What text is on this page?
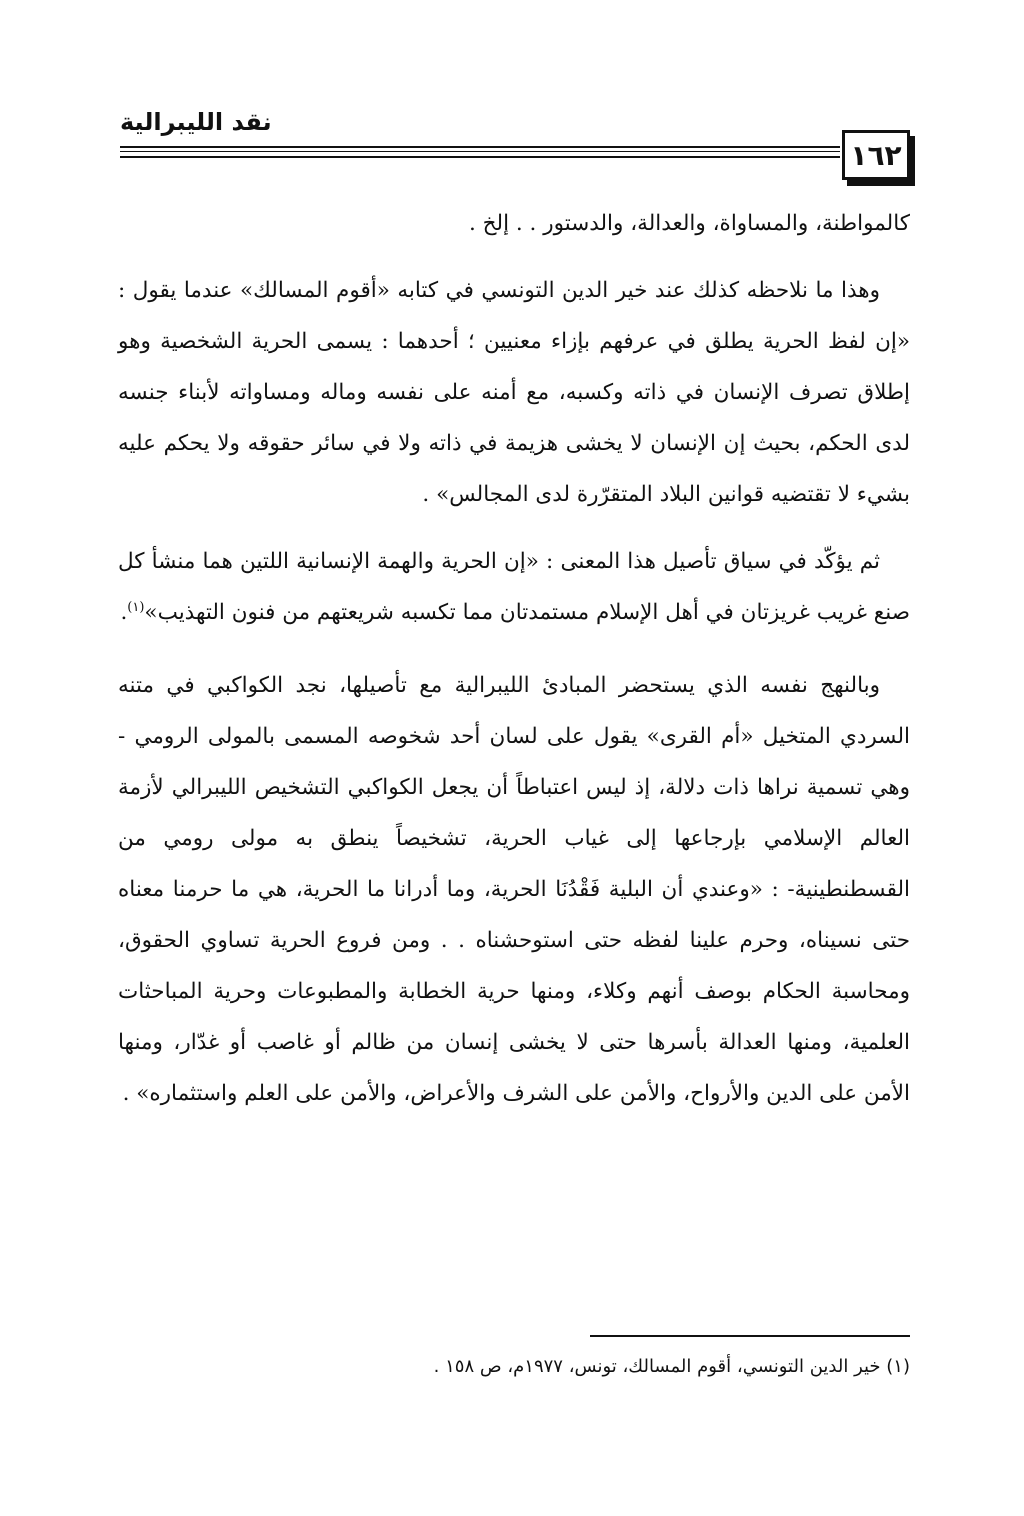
نقد الليبرالية
١٦٢

كالمواطنة، والمساواة، والعدالة، والدستور . . إلخ .

وهذا ما نلاحظه كذلك عند خير الدين التونسي في كتابه «أقوم المسالك» عندما يقول : «إن لفظ الحرية يطلق في عرفهم بإزاء معنيين ؛ أحدهما : يسمى الحرية الشخصية وهو إطلاق تصرف الإنسان في ذاته وكسبه، مع أمنه على نفسه وماله ومساواته لأبناء جنسه لدى الحكم، بحيث إن الإنسان لا يخشى هزيمة في ذاته ولا في سائر حقوقه ولا يحكم عليه بشيء لا تقتضيه قوانين البلاد المتقرّرة لدى المجالس» .

ثم يؤكّد في سياق تأصيل هذا المعنى : «إن الحرية والهمة الإنسانية اللتين هما منشأ كل صنع غريب غريزتان في أهل الإسلام مستمدتان مما تكسبه شريعتهم من فنون التهذيب»$^{(١)}$.

وبالنهج نفسه الذي يستحضر المبادئ الليبرالية مع تأصيلها، نجد الكواكبي في متنه السردي المتخيل «أم القرى» يقول على لسان أحد شخوصه المسمى بالمولى الرومي - وهي تسمية نراها ذات دلالة، إذ ليس اعتباطاً أن يجعل الكواكبي التشخيص الليبرالي لأزمة العالم الإسلامي بإرجاعها إلى غياب الحرية، تشخيصاً ينطق به مولى رومي من القسطنطينية- : «وعندي أن البلية فَقْدُنَا الحرية، وما أدرانا ما الحرية، هي ما حرمنا معناه حتى نسيناه، وحرم علينا لفظه حتى استوحشناه . . ومن فروع الحرية تساوي الحقوق، ومحاسبة الحكام بوصف أنهم وكلاء، ومنها حرية الخطابة والمطبوعات وحرية المباحثات العلمية، ومنها العدالة بأسرها حتى لا يخشى إنسان من ظالم أو غاصب أو غدّار، ومنها الأمن على الدين والأرواح، والأمن على الشرف والأعراض، والأمن على العلم واستثماره» .

(١) خير الدين التونسي، أقوم المسالك، تونس، ١٩٧٧م، ص ١٥٨ .
